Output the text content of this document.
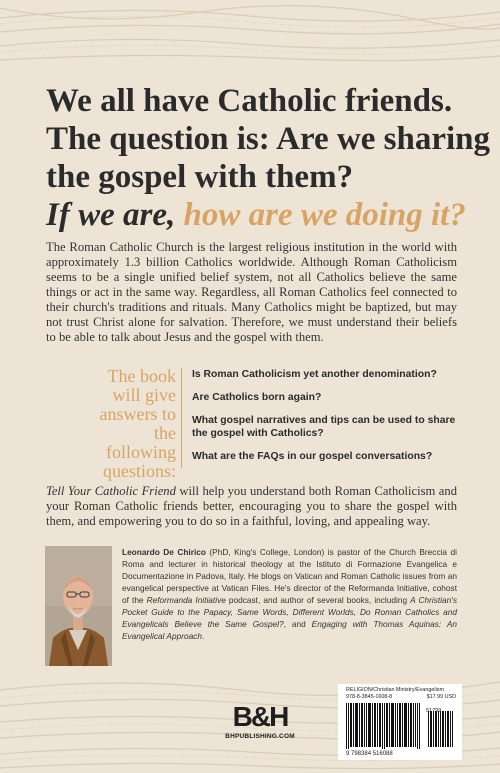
We all have Catholic friends.
The question is: Are we sharing
the gospel with them?
If we are, how are we doing it?

The Roman Catholic Church is the largest religious institution in the world with approximately 1.3 billion Catholics worldwide. Although Roman Catholicism seems to be a single unified belief system, not all Catholics believe the same things or act in the same way. Regardless, all Roman Catholics feel connected to their church's traditions and rituals. Many Catholics might be baptized, but may not trust Christ alone for salvation. Therefore, we must understand their beliefs to be able to talk about Jesus and the gospel with them.

The book
will give
answers to
the following
questions:
Is Roman Catholicism yet another denomination?
Are Catholics born again?
What gospel narratives and tips can be used to share the gospel with Catholics?
What are the FAQs in our gospel conversations?

Tell Your Catholic Friend will help you understand both Roman Catholicism and your Roman Catholic friends better, encouraging you to share the gospel with them, and empowering you to do so in a faithful, loving, and appealing way.

Leonardo De Chirico (PhD, King's College, London) is pastor of the Church Breccia di Roma and lecturer in historical theology at the Istituto di Formazione Evangelica e Documentazione in Padova, Italy. He blogs on Vatican and Roman Catholic issues from an evangelical perspective at Vatican Files. He's director of the Reformanda Initiative, cohost of the Reformanda Initiative podcast, and author of several books, including A Christian's Pocket Guide to the Papacy, Same Words, Different Worlds, Do Roman Catholics and Evangelicals Believe the Same Gospel?, and Engaging with Thomas Aquinas: An Evangelical Approach.

B&H
BHPUBLISHING.COM
RELIGION/Christian Ministry/Evangelism
978-8-3845-1608-8	$17.99 USD
51799
9 798384 516088
